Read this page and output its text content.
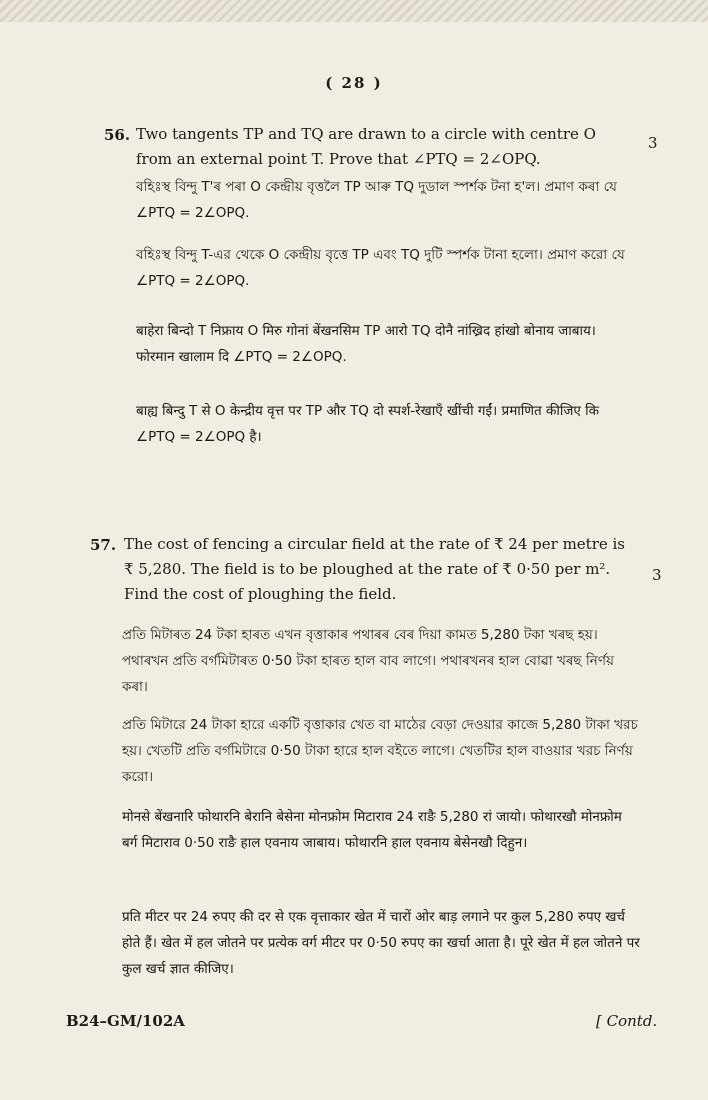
( 28 )
56. Two tangents TP and TQ are drawn to a circle with centre O from an external point T. Prove that ∠PTQ = 2∠OPQ.
3
বহিঃস্থ বিন্দু T'ৰ পৰা O কেন্দ্ৰীয় বৃত্তলৈ TP আৰু TQ দুডাল স্পৰ্শক টনা হ'ল। প্ৰমাণ কৰা যে ∠PTQ = 2∠OPQ.
বহিঃস্থ বিন্দু T-এর থেকে O কেন্দ্রীয় বৃত্তে TP এবং TQ দুটি স্পর্শক টানা হলো। প্রমাণ করো যে ∠PTQ = 2∠OPQ.
बाहेरा बिन्दो T निफ्राय O मिरु गोनां बेंखनसिम TP आरो TQ दोनै नांख्रिद हांखो बोनाय जाबाय। फोरमान खालाम दि ∠PTQ = 2∠OPQ.
बाह्य बिन्दु T से O केन्द्रीय वृत्त पर TP और TQ दो स्पर्श-रेखाएँ खींची गईं। प्रमाणित कीजिए कि ∠PTQ = 2∠OPQ है।
57. The cost of fencing a circular field at the rate of ₹ 24 per metre is ₹ 5,280. The field is to be ploughed at the rate of ₹ 0·50 per m². Find the cost of ploughing the field.
3
প্ৰতি মিটাৰত 24 টকা হাৰত এখন বৃত্তাকাৰ পথাৰৰ বেৰ দিয়া কামত 5,280 টকা খৰছ হয়। পথাৰখন প্ৰতি বৰ্গমিটাৰত 0·50 টকা হাৰত হাল বাব লাগে। পথাৰখনৰ হাল বোৱা খৰছ নিৰ্ণয় কৰা।
প্রতি মিটারে 24 টাকা হারে একটি বৃত্তাকার খেত বা মাঠের বেড়া দেওয়ার কাজে 5,280 টাকা খরচ হয়। খেতটি প্রতি বর্গমিটারে 0·50 টাকা হারে হাল বইতে লাগে। খেতটির হাল বাওয়ার খরচ নির্ণয় করো।
मोनसे बेंखनारि फोथारनि बेरानि बेसेना मोनफ्रोम मिटाराव 24 राङै 5,280 रां जायो। फोथारखौ मोनफ्रोम बर्ग मिटाराव 0·50 राङै हाल एवनाय जाबाय। फोथारनि हाल एवनाय बेसेनखौ दिहुन।
प्रति मीटर पर 24 रुपए की दर से एक वृत्ताकार खेत में चारों ओर बाड़ लगाने पर कुल 5,280 रुपए खर्च होते हैं। खेत में हल जोतने पर प्रत्येक वर्ग मीटर पर 0·50 रुपए का खर्चा आता है। पूरे खेत में हल जोतने पर कुल खर्च ज्ञात कीजिए।
B24–GM/102A	[ Contd.
